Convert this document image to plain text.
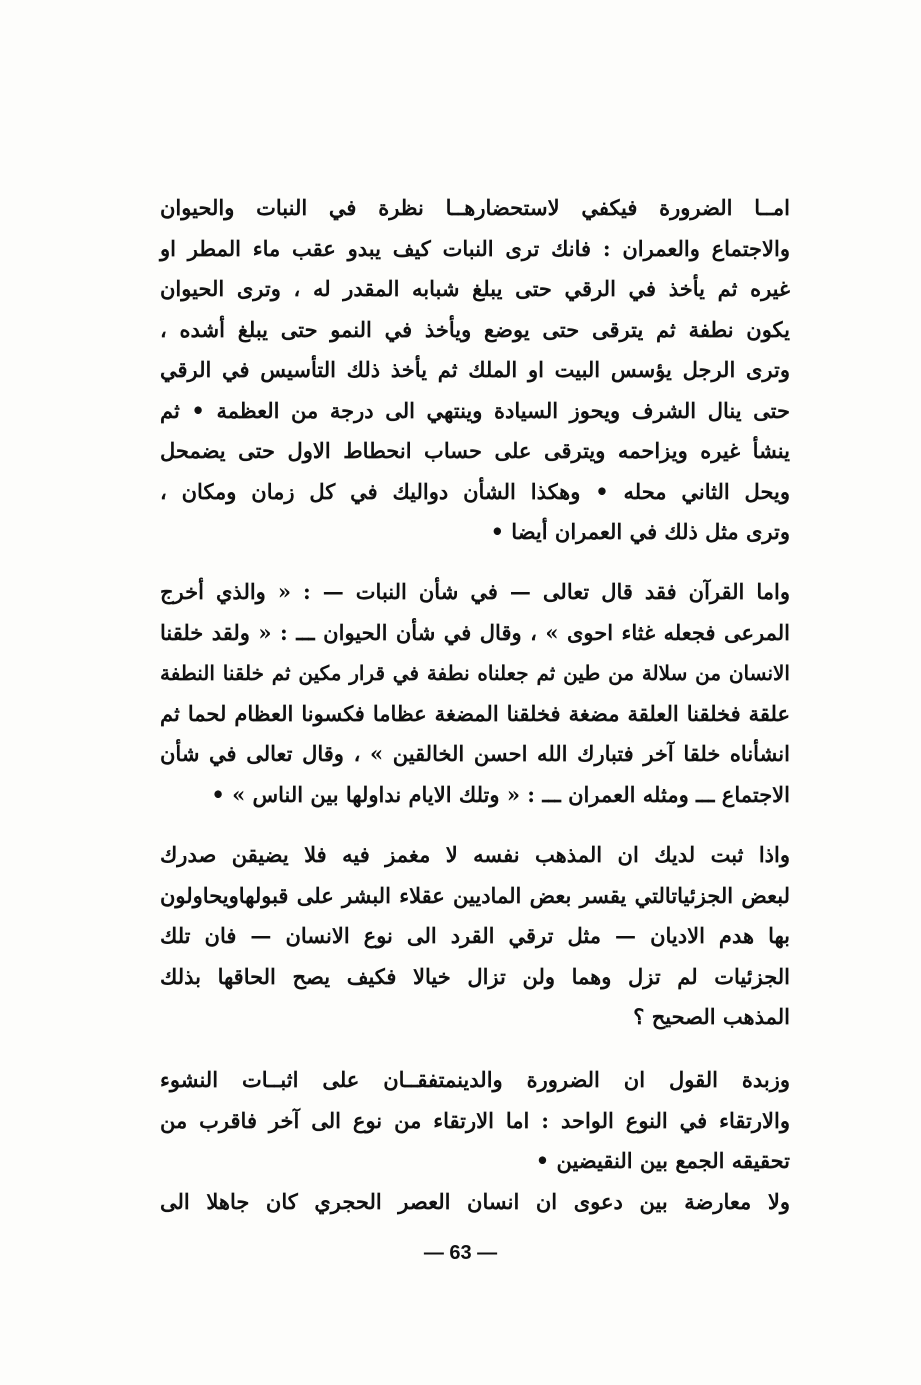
امــا الضرورة فيكفي لاستحضارهــا نظرة في النبات والحيوان
والاجتماع والعمران : فانك ترى النبات كيف يبدو عقب ماء المطر او
غيره ثم يأخذ في الرقي حتى يبلغ شبابه المقدر له ، وترى الحيوان
يكون نطفة ثم يترقى حتى يوضع ويأخذ في النمو حتى يبلغ أشده ،
وترى الرجل يؤسس البيت او الملك ثم يأخذ ذلك التأسيس في الرقي
حتى ينال الشرف ويحوز السيادة وينتهي الى درجة من العظمة • ثم
ينشأ غيره ويزاحمه ويترقى على حساب انحطاط الاول حتى يضمحل
ويحل الثاني محله • وهكذا الشأن دواليك في كل زمان ومكان ،
وترى مثل ذلك في العمران أيضا •
واما القرآن فقد قال تعالى — في شأن النبات — : « والذي أخرج
المرعى فجعله غثاء احوى » ، وقال في شأن الحيوان ـــ : « ولقد خلقنا
الانسان من سلالة من طين ثم جعلناه نطفة في قرار مكين ثم خلقنا النطفة
علقة فخلقنا العلقة مضغة فخلقنا المضغة عظاما فكسونا العظام لحما ثم
انشأناه خلقا آخر فتبارك الله احسن الخالقين » ، وقال تعالى في شأن
الاجتماع ـــ ومثله العمران ـــ : « وتلك الايام نداولها بين الناس » •
واذا ثبت لديك ان المذهب نفسه لا مغمز فيه فلا يضيقن صدرك
لبعض الجزئياتالتي يقسر بعض الماديين عقلاء البشر على قبولهاويحاولون
بها هدم الاديان — مثل ترقي القرد الى نوع الانسان — فان تلك
الجزئيات لم تزل وهما ولن تزال خيالا فكيف يصح الحاقها بذلك
المذهب الصحيح ؟
وزبدة القول ان الضرورة والدينمتفقــان على اثبــات النشوء
والارتقاء في النوع الواحد : اما الارتقاء من نوع الى آخر فاقرب من
تحقيقه الجمع بين النقيضين •
ولا معارضة بين دعوى ان انسان العصر الحجري كان جاهلا الى
— 63 —
